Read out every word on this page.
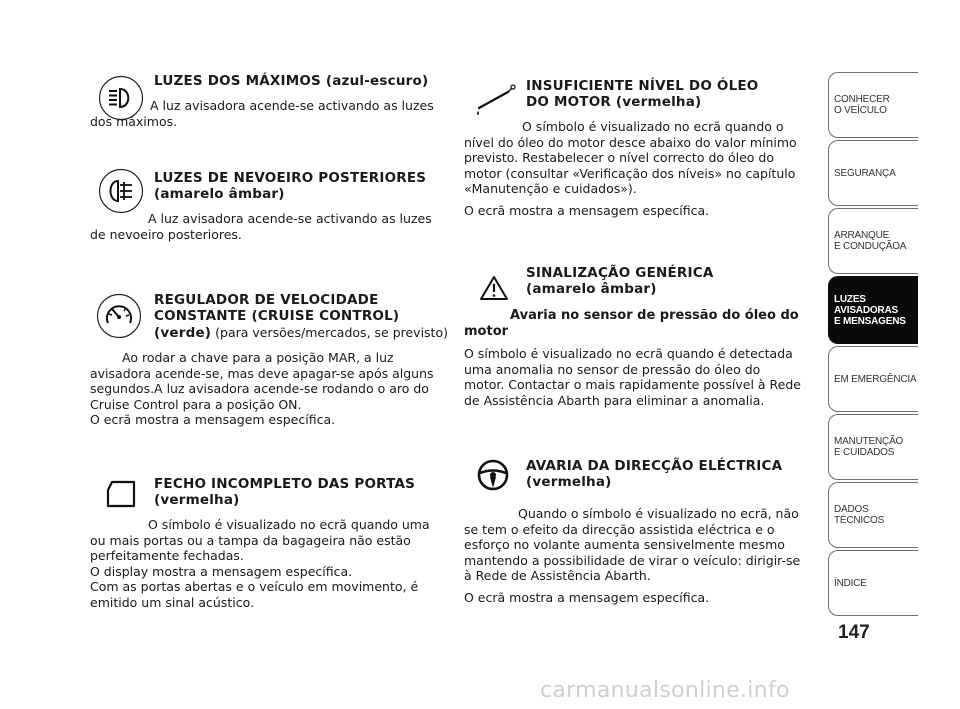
LUZES DOS MÁXIMOS (azul-escuro)
A luz avisadora acende-se activando as luzes dos máximos.
LUZES DE NEVOEIRO POSTERIORES
(amarelo âmbar)
A luz avisadora acende-se activando as luzes de nevoeiro posteriores.
REGULADOR DE VELOCIDADE
CONSTANTE (CRUISE CONTROL)
(verde) (para versões/mercados, se previsto)
Ao rodar a chave para a posição MAR, a luz avisadora acende-se, mas deve apagar-se após alguns segundos.A luz avisadora acende-se rodando o aro do Cruise Control para a posição ON.
O ecrã mostra a mensagem específica.
FECHO INCOMPLETO DAS PORTAS
(vermelha)
O símbolo é visualizado no ecrã quando uma ou mais portas ou a tampa da bagageira não estão perfeitamente fechadas.
O display mostra a mensagem específica.
Com as portas abertas e o veículo em movimento, é emitido um sinal acústico.
INSUFICIENTE NÍVEL DO ÓLEO
DO MOTOR (vermelha)
O símbolo é visualizado no ecrã quando o nível do óleo do motor desce abaixo do valor mínimo previsto. Restabelecer o nível correcto do óleo do motor (consultar «Verificação dos níveis» no capítulo «Manutenção e cuidados»).
O ecrã mostra a mensagem específica.
SINALIZAÇÃO GENÉRICA
(amarelo âmbar)
Avaria no sensor de pressão do óleo do motor
O símbolo é visualizado no ecrã quando é detectada uma anomalia no sensor de pressão do óleo do motor. Contactar o mais rapidamente possível à Rede de Assistência Abarth para eliminar a anomalia.
AVARIA DA DIRECÇÃO ELÉCTRICA
(vermelha)
Quando o símbolo é visualizado no ecrã, não se tem o efeito da direcção assistida eléctrica e o esforço no volante aumenta sensivelmente mesmo mantendo a possibilidade de virar o veículo: dirigir-se à Rede de Assistência Abarth.
O ecrã mostra a mensagem específica.
CONHECER
O VEÍCULO
SEGURANÇA
ARRANQUE
E CONDUÇÃOA
LUZES
AVISADORAS
E MENSAGENS
EM EMERGÊNCIA
MANUTENÇÃO
E CUIDADOS
DADOS
TÉCNICOS
ÍNDICE
147
carmanualsonline.info
